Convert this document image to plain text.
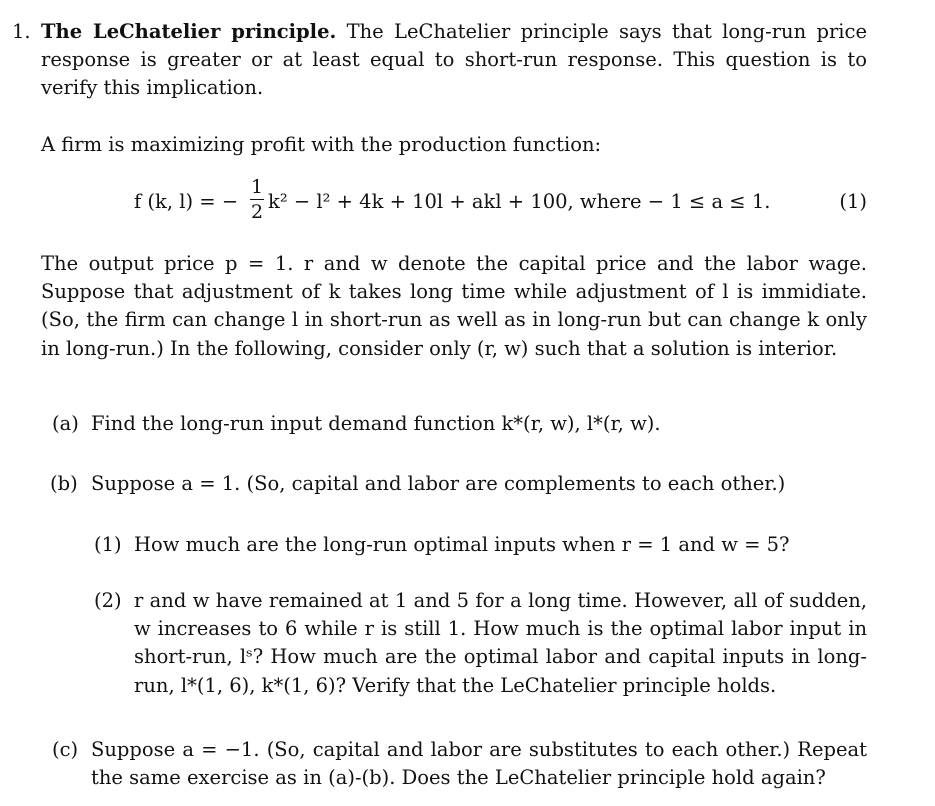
1. The LeChatelier principle. The LeChatelier principle says that long-run price response is greater or at least equal to short-run response. This question is to verify this implication.

A firm is maximizing profit with the production function:

f (k, l) = −
1
2 k² − l² + 4k + 10l + akl + 100, where − 1 ≤ a ≤ 1.	(1)

The output price p = 1. r and w denote the capital price and the labor wage. Suppose that adjustment of k takes long time while adjustment of l is immidiate. (So, the firm can change l in short-run as well as in long-run but can change k only in long-run.) In the following, consider only (r, w) such that a solution is interior.

(a) Find the long-run input demand function k*(r, w), l*(r, w).
(b) Suppose a = 1. (So, capital and labor are complements to each other.)
(1) How much are the long-run optimal inputs when r = 1 and w = 5?
(2) r and w have remained at 1 and 5 for a long time. However, all of sudden, w increases to 6 while r is still 1. How much is the optimal labor input in short-run, lˢ? How much are the optimal labor and capital inputs in long-run, l*(1, 6), k*(1, 6)? Verify that the LeChatelier principle holds.
(c) Suppose a = −1. (So, capital and labor are substitutes to each other.) Repeat the same exercise as in (a)-(b). Does the LeChatelier principle hold again?
